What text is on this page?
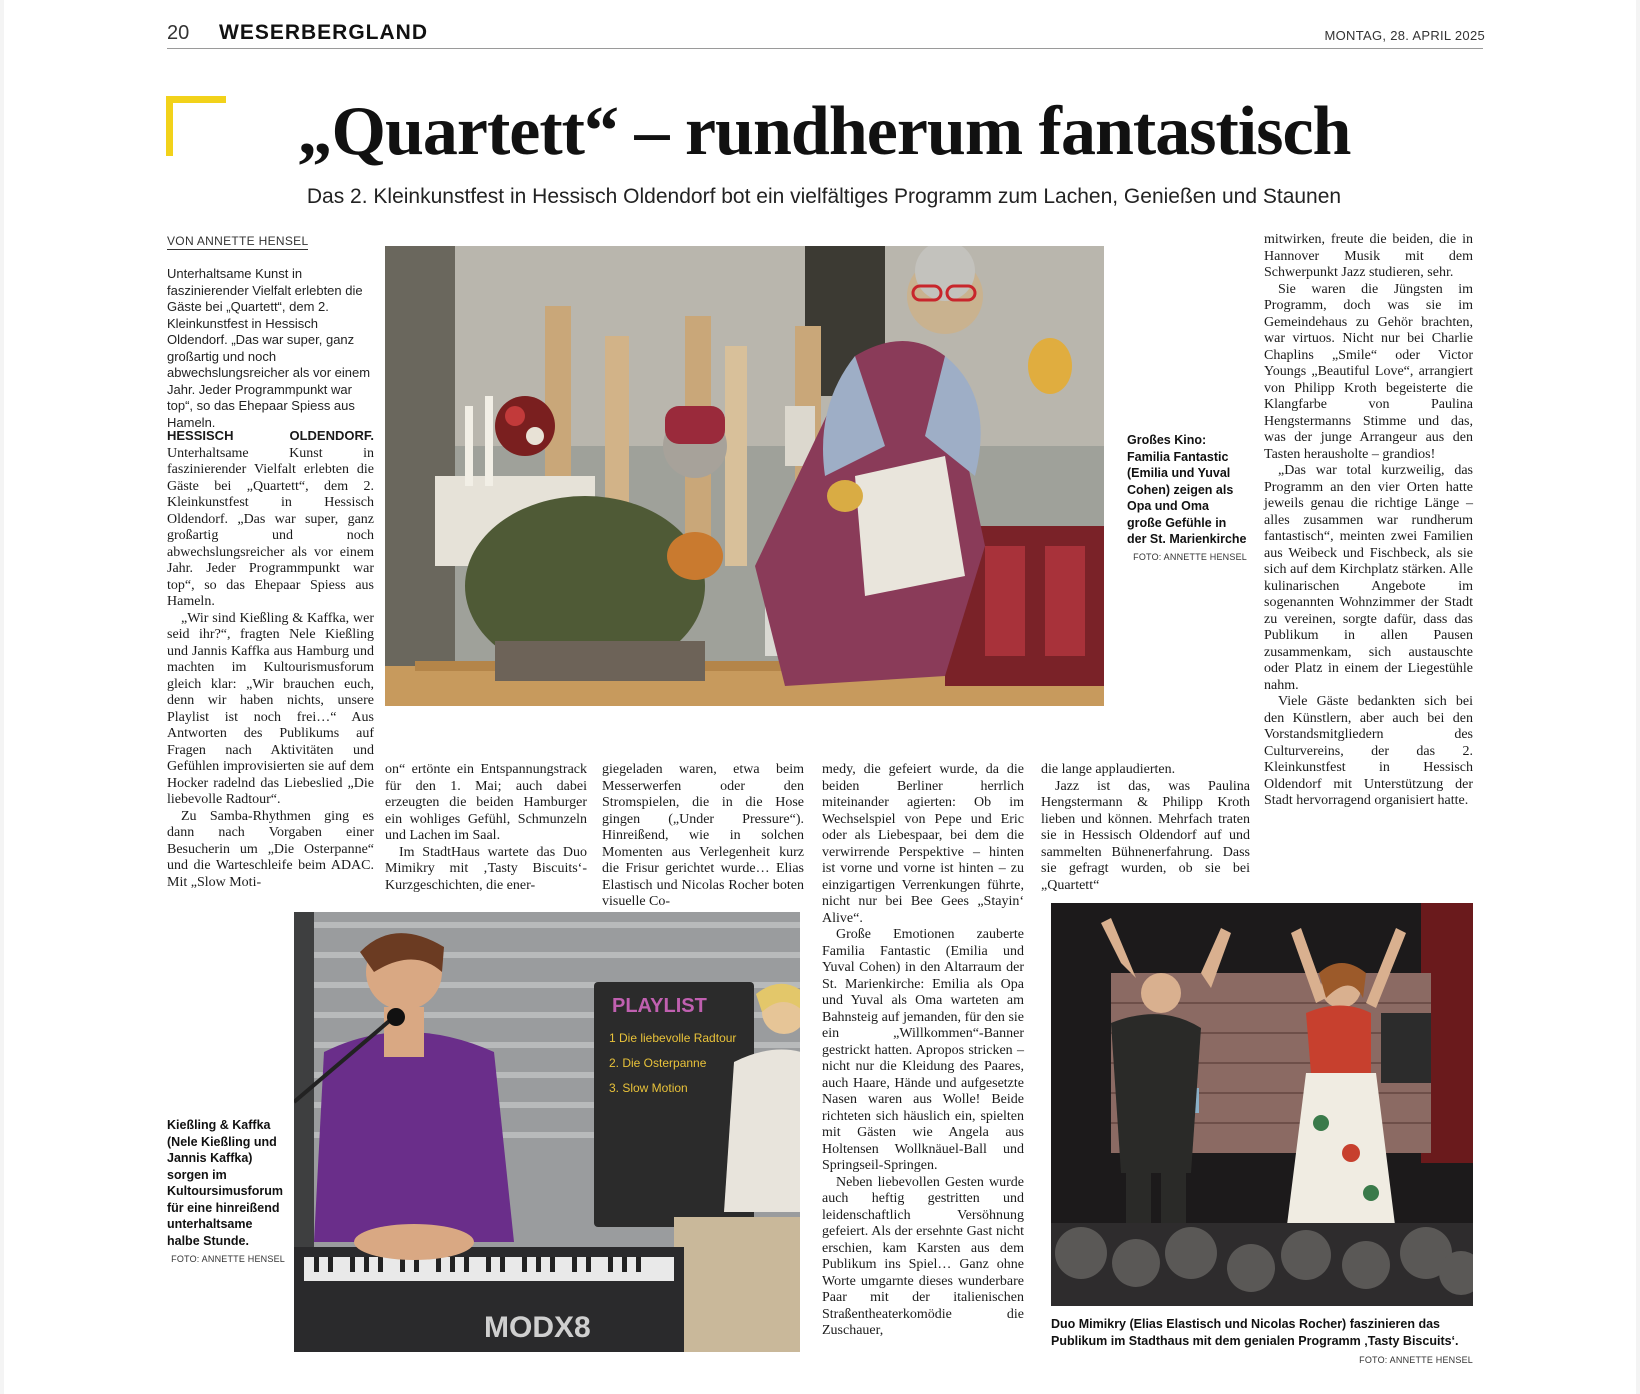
20 WESERBERGLAND	MONTAG, 28. APRIL 2025
„Quartett“ – rundherum fantastisch
Das 2. Kleinkunstfest in Hessisch Oldendorf bot ein vielfältiges Programm zum Lachen, Genießen und Staunen
VON ANNETTE HENSEL
Unterhaltsame Kunst in faszinierender Vielfalt erlebten die Gäste bei „Quartett“, dem 2. Kleinkunstfest in Hessisch Oldendorf. „Das war super, ganz großartig und noch abwechslungsreicher als vor einem Jahr. Jeder Programmpunkt war top“, so das Ehepaar Spiess aus Hameln.

HESSISCH OLDENDORF. Unterhaltsame Kunst in faszinierender Vielfalt erlebten die Gäste bei „Quartett“, dem 2. Kleinkunstfest in Hessisch Oldendorf. „Das war super, ganz großartig und noch abwechslungsreicher als vor einem Jahr. Jeder Programmpunkt war top“, so das Ehepaar Spiess aus Hameln.

„Wir sind Kießling & Kaffka, wer seid ihr?“, fragten Nele Kießling und Jannis Kaffka aus Hamburg und machten im Kultourismusforum gleich klar: „Wir brauchen euch, denn wir haben nichts, unsere Playlist ist noch frei…“ Aus Antworten des Publikums auf Fragen nach Aktivitäten und Gefühlen improvisierten sie auf dem Hocker radelnd das Liebeslied „Die liebevolle Radtour“.

Zu Samba-Rhythmen ging es dann nach Vorgaben einer Besucherin um „Die Osterpanne“ und die Warteschleife beim ADAC. Mit „Slow Moti-

Großes Kino: Familia Fantastic (Emilia und Yuval Cohen) zeigen als Opa und Oma große Gefühle in der St. Marienkirche
FOTO: ANNETTE HENSEL

mitwirken, freute die beiden, die in Hannover Musik mit dem Schwerpunkt Jazz studieren, sehr.

Sie waren die Jüngsten im Programm, doch was sie im Gemeindehaus zu Gehör brachten, war virtuos. Nicht nur bei Charlie Chaplins „Smile“ oder Victor Youngs „Beautiful Love“, arrangiert von Philipp Kroth begeisterte die Klangfarbe von Paulina Hengstermanns Stimme und das, was der junge Arrangeur aus den Tasten herausholte – grandios!

„Das war total kurzweilig, das Programm an den vier Orten hatte jeweils genau die richtige Länge – alles zusammen war rundherum fantastisch“, meinten zwei Familien aus Weibeck und Fischbeck, als sie sich auf dem Kirchplatz stärken. Alle kulinarischen Angebote im sogenannten Wohnzimmer der Stadt zu vereinen, sorgte dafür, dass das Publikum in allen Pausen zusammenkam, sich austauschte oder Platz in einem der Liegestühle nahm.

Viele Gäste bedankten sich bei den Künstlern, aber auch bei den Vorstandsmitgliedern des Culturvereins, der das 2. Kleinkunstfest in Hessisch Oldendorf mit Unterstützung der Stadt hervorragend organisiert hatte.

on“ ertönte ein Entspannungstrack für den 1. Mai; auch dabei erzeugten die beiden Hamburger ein wohliges Gefühl, Schmunzeln und Lachen im Saal.

Im StadtHaus wartete das Duo Mimikry mit ‚Tasty Biscuits‘-Kurzgeschichten, die ener-

giegeladen waren, etwa beim Messerwerfen oder den Stromspielen, die in die Hose gingen („Under Pressure“). Hinreißend, wie in solchen Momenten aus Verlegenheit kurz die Frisur gerichtet wurde… Elias Elastisch und Nicolas Rocher boten visuelle Co-

medy, die gefeiert wurde, da die beiden Berliner herrlich miteinander agierten: Ob im Wechselspiel von Pepe und Eric oder als Liebespaar, bei dem die verwirrende Perspektive – hinten ist vorne und vorne ist hinten – zu einzigartigen Verrenkungen führte, nicht nur bei Bee Gees „Stayin‘ Alive“.

Große Emotionen zauberte Familia Fantastic (Emilia und Yuval Cohen) in den Altarraum der St. Marienkirche: Emilia als Opa und Yuval als Oma warteten am Bahnsteig auf jemanden, für den sie ein „Willkommen“-Banner gestrickt hatten. Apropos stricken – nicht nur die Kleidung des Paares, auch Haare, Hände und aufgesetzte Nasen waren aus Wolle! Beide richteten sich häuslich ein, spielten mit Gästen wie Angela aus Holtensen Wollknäuel-Ball und Springseil-Springen.

Neben liebevollen Gesten wurde auch heftig gestritten und leidenschaftlich Versöhnung gefeiert. Als der ersehnte Gast nicht erschien, kam Karsten aus dem Publikum ins Spiel… Ganz ohne Worte umgarnte dieses wunderbare Paar mit der italienischen Straßentheaterkomödie die Zuschauer,

die lange applaudierten.

Jazz ist das, was Paulina Hengstermann & Philipp Kroth lieben und können. Mehrfach traten sie in Hessisch Oldendorf auf und sammelten Bühnenerfahrung. Dass sie gefragt wurden, ob sie bei „Quartett“

PLAYLIST
1 Die liebevolle Radtour
2. Die Osterpanne
3. Slow Motion
MODX8
Kießling & Kaffka (Nele Kießling und Jannis Kaffka) sorgen im Kultoursimusforum für eine hinreißend unterhaltsame halbe Stunde.
FOTO: ANNETTE HENSEL
Duo Mimikry (Elias Elastisch und Nicolas Rocher) faszinieren das Publikum im Stadthaus mit dem genialen Programm ‚Tasty Biscuits‘.
FOTO: ANNETTE HENSEL
